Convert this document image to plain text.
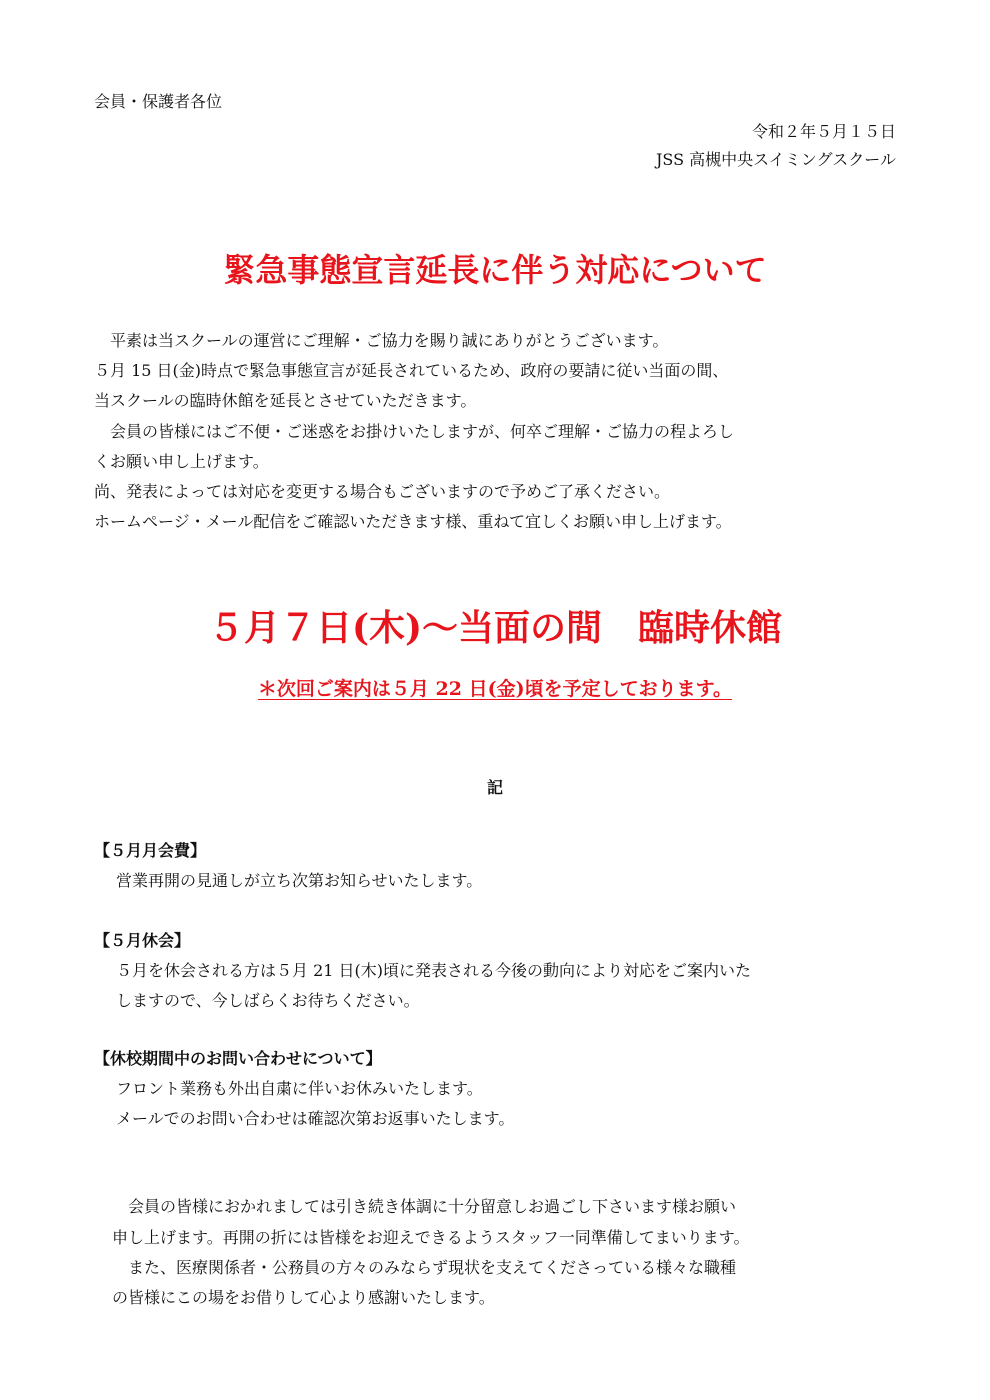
会員・保護者各位
令和２年５月１５日
JSS 高槻中央スイミングスクール
緊急事態宣言延長に伴う対応について
　平素は当スクールの運営にご理解・ご協力を賜り誠にありがとうございます。
５月 15 日(金)時点で緊急事態宣言が延長されているため、政府の要請に従い当面の間、
当スクールの臨時休館を延長とさせていただきます。
　会員の皆様にはご不便・ご迷惑をお掛けいたしますが、何卒ご理解・ご協力の程よろし
くお願い申し上げます。
尚、発表によっては対応を変更する場合もございますので予めご了承ください。
ホームページ・メール配信をご確認いただきます様、重ねて宜しくお願い申し上げます。
５月７日(木)～当面の間　臨時休館
＊次回ご案内は５月 22 日(金)頃を予定しております。
記
【５月月会費】
営業再開の見通しが立ち次第お知らせいたします。
【５月休会】
５月を休会される方は５月 21 日(木)頃に発表される今後の動向により対応をご案内いた
しますので、今しばらくお待ちください。
【休校期間中のお問い合わせについて】
フロント業務も外出自粛に伴いお休みいたします。
メールでのお問い合わせは確認次第お返事いたします。
　会員の皆様におかれましては引き続き体調に十分留意しお過ごし下さいます様お願い
申し上げます。再開の折には皆様をお迎えできるようスタッフ一同準備してまいります。
　また、医療関係者・公務員の方々のみならず現状を支えてくださっている様々な職種
の皆様にこの場をお借りして心より感謝いたします。
